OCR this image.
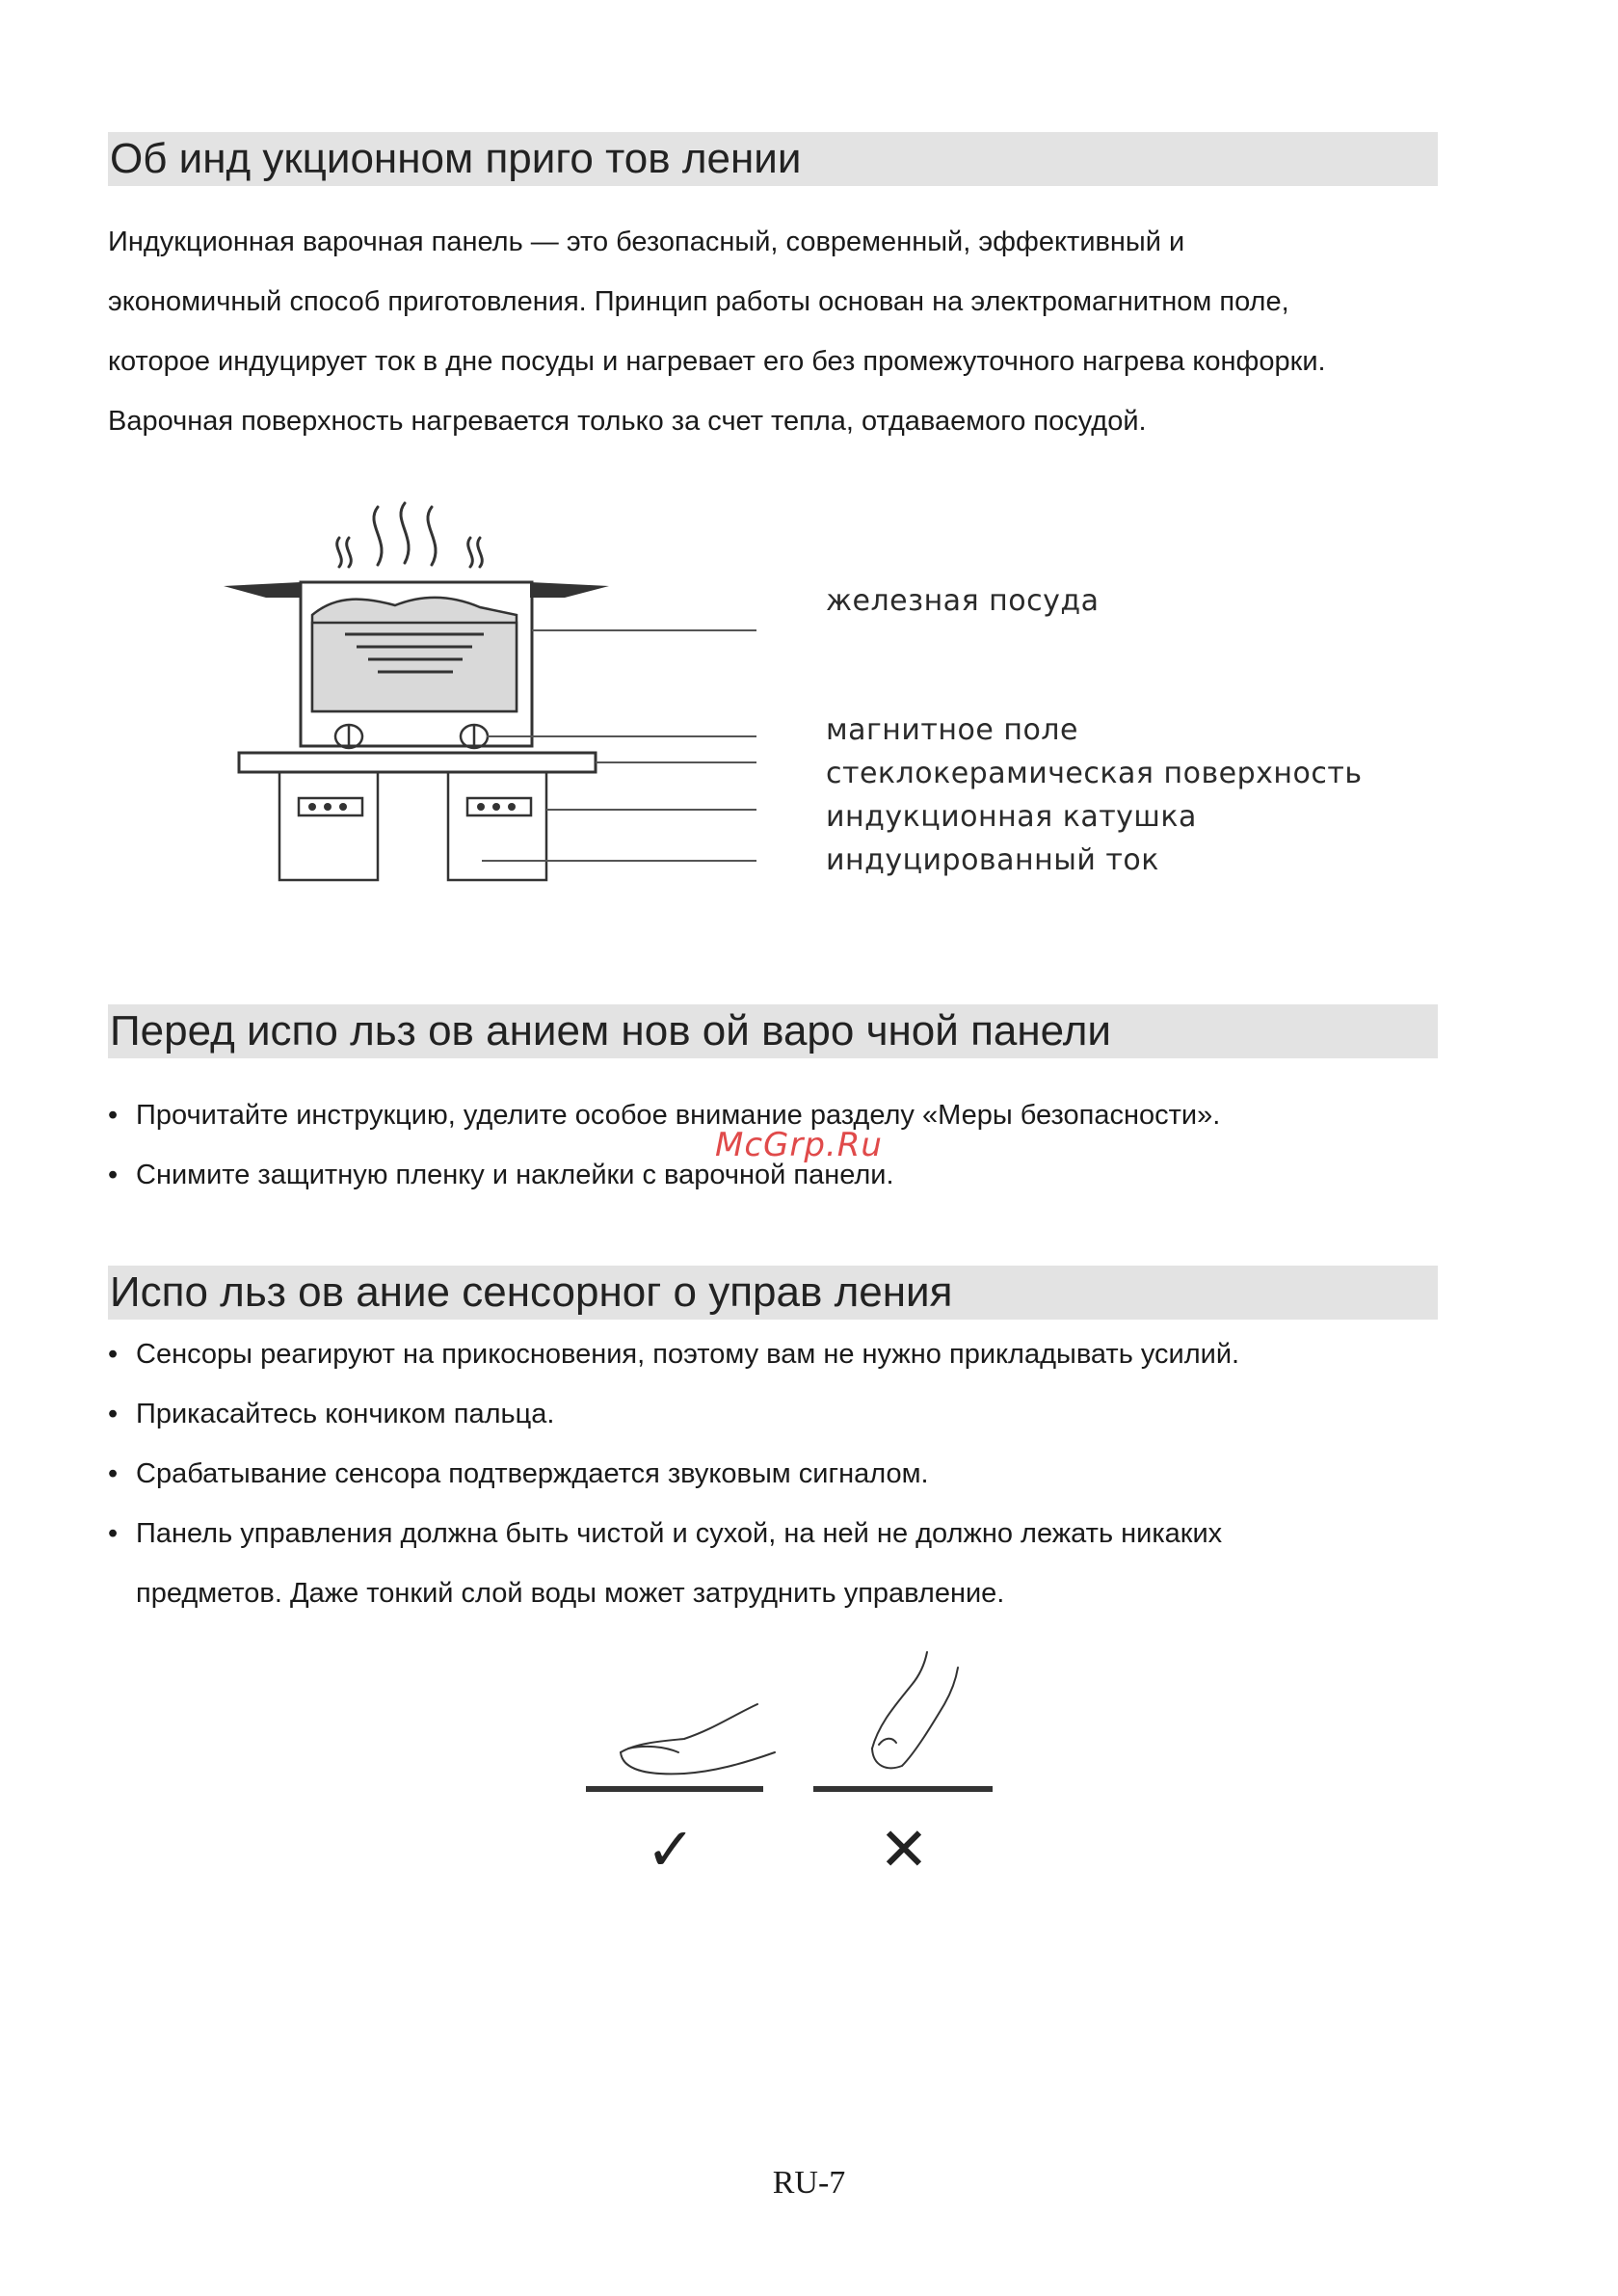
Об инд укционном приго тов лении

Индукционная варочная панель — это безопасный, современный, эффективный и

экономичный способ приготовления. Принцип работы основан на электромагнитном поле,

которое индуцирует ток в дне посуды и нагревает его без промежуточного нагрева конфорки.

Варочная поверхность нагревается только за счет тепла, отдаваемого посудой.

железная посуда
магнитное поле
стеклокерамическая поверхность
индукционная катушка
индуцированный ток
Перед испо льз ов анием нов ой варо чной панели
• Прочитайте инструкцию, уделите особое внимание разделу «Меры безопасности».
• Снимите защитную пленку и наклейки с варочной панели.
McGrp.Ru
Испо льз ов ание сенсорног о управ ления
• Сенсоры реагируют на прикосновения, поэтому вам не нужно прикладывать усилий.
• Прикасайтесь кончиком пальца.
• Срабатывание сенсора подтверждается звуковым сигналом.
• Панель управления должна быть чистой и сухой, на ней не должно лежать никаких
предметов. Даже тонкий слой воды может затруднить управление.
✓	✕
RU-7
